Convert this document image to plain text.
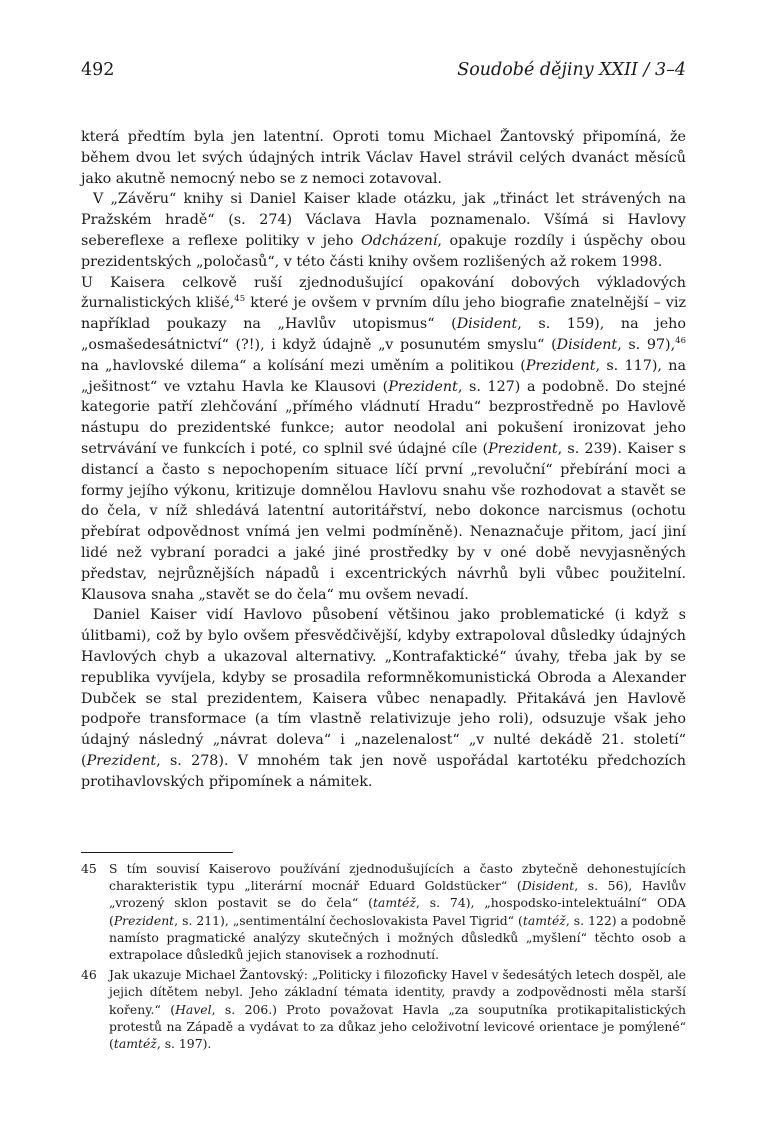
492	Soudobé dějiny XXII / 3–4

která předtím byla jen latentní. Oproti tomu Michael Žantovský připomíná, že během dvou let svých údajných intrik Václav Havel strávil celých dvanáct měsíců jako akutně nemocný nebo se z nemoci zotavoval.

V „Závěru“ knihy si Daniel Kaiser klade otázku, jak „třináct let strávených na Pražském hradě“ (s. 274) Václava Havla poznamenalo. Všímá si Havlovy sebereflexe a reflexe politiky v jeho Odcházení, opakuje rozdíly i úspěchy obou prezidentských „poločasů“, v této části knihy ovšem rozlišených až rokem 1998.

U Kaisera celkově ruší zjednodušující opakování dobových výkladových žurnalistických klišé,$^{45}$ které je ovšem v prvním dílu jeho biografie znatelnější – viz například poukazy na „Havlův utopismus“ (Disident, s. 159), na jeho „osmašedesátnictví“ (?!), i když údajně „v posunutém smyslu“ (Disident, s. 97),$^{46}$ na „havlovské dilema“ a kolísání mezi uměním a politikou (Prezident, s. 117), na „ješitnost“ ve vztahu Havla ke Klausovi (Prezident, s. 127) a podobně. Do stejné kategorie patří zlehčování „přímého vládnutí Hradu“ bezprostředně po Havlově nástupu do prezidentské funkce; autor neodolal ani pokušení ironizovat jeho setrvávání ve funkcích i poté, co splnil své údajné cíle (Prezident, s. 239). Kaiser s distancí a často s nepochopením situace líčí první „revoluční“ přebírání moci a formy jejího výkonu, kritizuje domnělou Havlovu snahu vše rozhodovat a stavět se do čela, v níž shledává latentní autoritářství, nebo dokonce narcismus (ochotu přebírat odpovědnost vnímá jen velmi podmíněně). Nenaznačuje přitom, jací jiní lidé než vybraní poradci a jaké jiné prostředky by v oné době nevyjasněných představ, nejrůznějších nápadů i excentrických návrhů byli vůbec použitelní. Klausova snaha „stavět se do čela“ mu ovšem nevadí.

Daniel Kaiser vidí Havlovo působení většinou jako problematické (i když s úlitbami), což by bylo ovšem přesvědčivější, kdyby extrapoloval důsledky údajných Havlových chyb a ukazoval alternativy. „Kontrafaktické“ úvahy, třeba jak by se republika vyvíjela, kdyby se prosadila reformněkomunistická Obroda a Alexander Dubček se stal prezidentem, Kaisera vůbec nenapadly. Přitakává jen Havlově podpoře transformace (a tím vlastně relativizuje jeho roli), odsuzuje však jeho údajný následný „návrat doleva“ i „nazelenalost“ „v nulté dekádě 21. století“ (Prezident, s. 278). V mnohém tak jen nově uspořádal kartotéku předchozích protihavlovských připomínek a námitek.

45 S tím souvisí Kaiserovo používání zjednodušujících a často zbytečně dehonestujících charakteristik typu „literární mocnář Eduard Goldstücker“ (Disident, s. 56), Havlův „vrozený sklon postavit se do čela“ (tamtéž, s. 74), „hospodsko-intelektuální“ ODA (Prezident, s. 211), „sentimentální čechoslovakista Pavel Tigrid“ (tamtéž, s. 122) a podobně namísto pragmatické analýzy skutečných i možných důsledků „myšlení“ těchto osob a extrapolace důsledků jejich stanovisek a rozhodnutí.

46 Jak ukazuje Michael Žantovský: „Politicky i filozoficky Havel v šedesátých letech dospěl, ale jejich dítětem nebyl. Jeho základní témata identity, pravdy a zodpovědnosti měla starší kořeny.“ (Havel, s. 206.) Proto považovat Havla „za souputníka protikapitalistických protestů na Západě a vydávat to za důkaz jeho celoživotní levicové orientace je pomýlené“ (tamtéž, s. 197).
